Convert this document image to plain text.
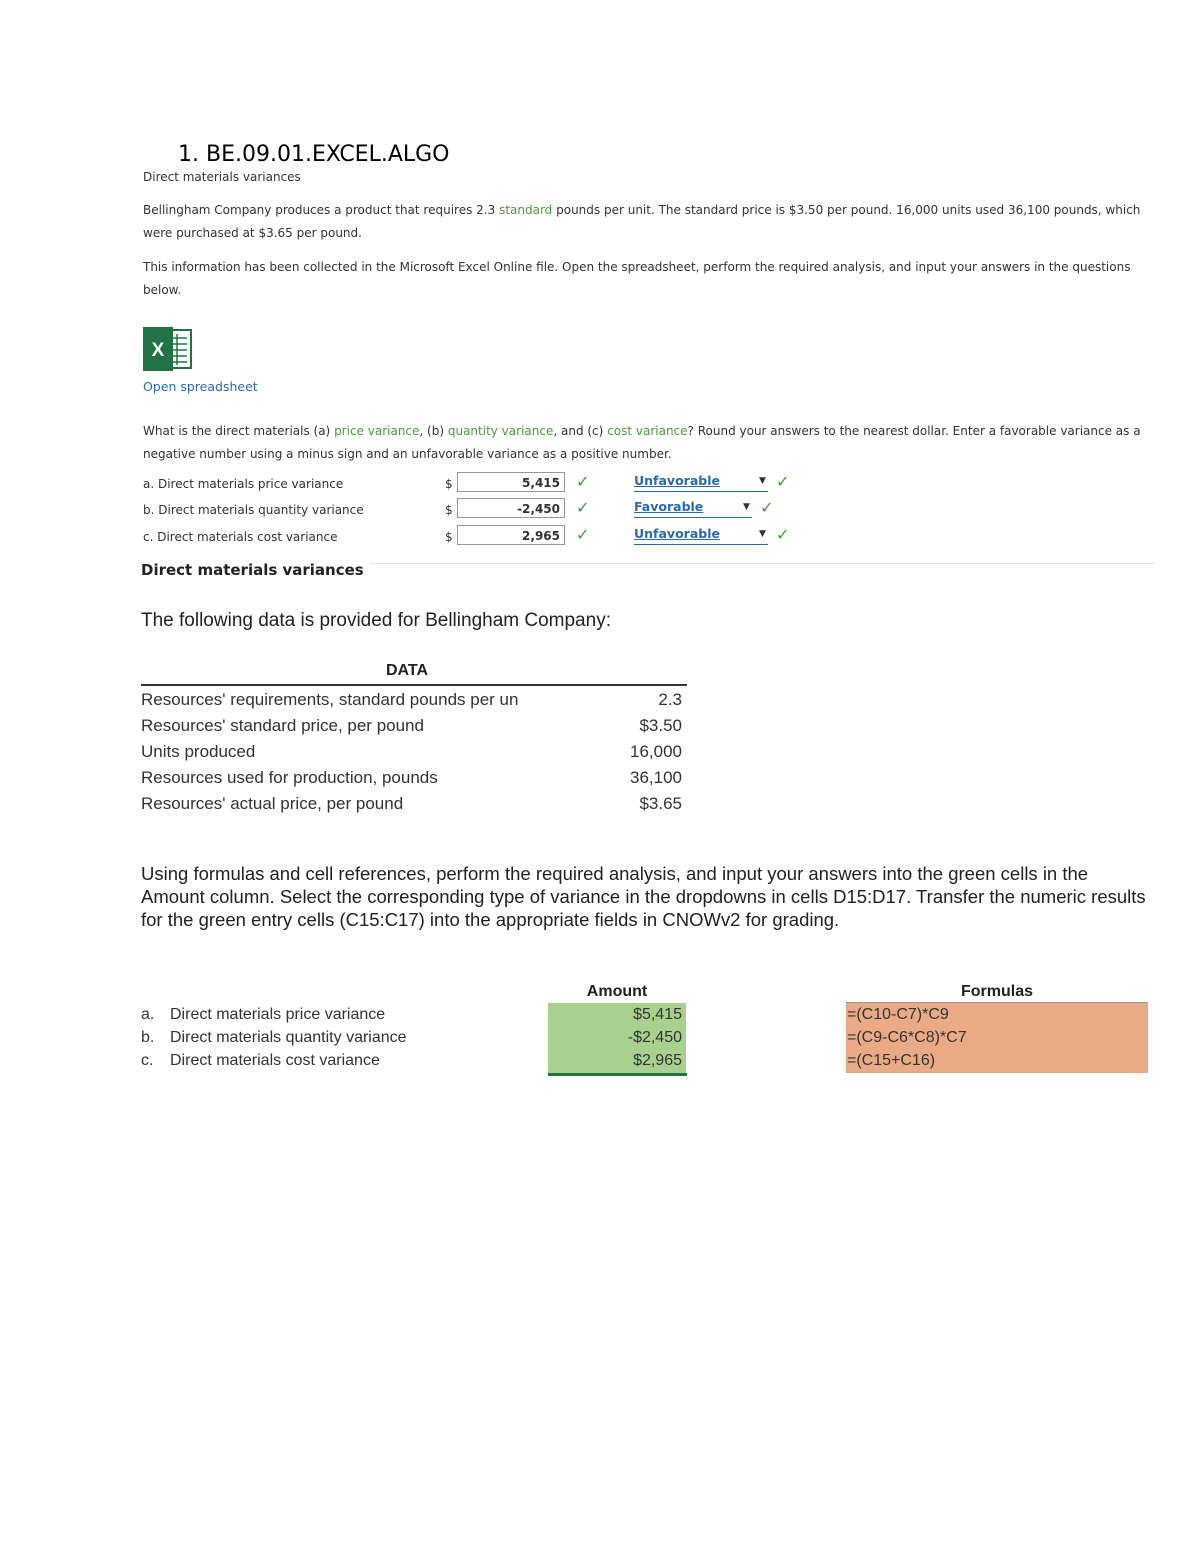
1. BE.09.01.EXCEL.ALGO
Direct materials variances
Bellingham Company produces a product that requires 2.3 standard pounds per unit. The standard price is $3.50 per pound. 16,000 units used 36,100 pounds, which were purchased at $3.65 per pound.
This information has been collected in the Microsoft Excel Online file. Open the spreadsheet, perform the required analysis, and input your answers in the questions below.
X
Open spreadsheet
What is the direct materials (a) price variance, (b) quantity variance, and (c) cost variance? Round your answers to the nearest dollar. Enter a favorable variance as a negative number using a minus sign and an unfavorable variance as a positive number.
a. Direct materials price variance	$	5,415	✓	Unfavorable	▼ ✓
b. Direct materials quantity variance	$	-2,450	✓	Favorable	▼ ✓
c. Direct materials cost variance	$	2,965	✓	Unfavorable	▼ ✓
Direct materials variances
The following data is provided for Bellingham Company:
DATA
Resources' requirements, standard pounds per un	2.3
Resources' standard price, per pound	$3.50
Units produced	16,000
Resources used for production, pounds	36,100
Resources' actual price, per pound	$3.65
Using formulas and cell references, perform the required analysis, and input your answers into the green cells in the Amount column. Select the corresponding type of variance in the dropdowns in cells D15:D17. Transfer the numeric results for the green entry cells (C15:C17) into the appropriate fields in CNOWv2 for grading.
Amount	Formulas
a. Direct materials price variance	$5,415	=(C10-C7)*C9
b. Direct materials quantity variance	-$2,450	=(C9-C6*C8)*C7
c. Direct materials cost variance	$2,965	=(C15+C16)
